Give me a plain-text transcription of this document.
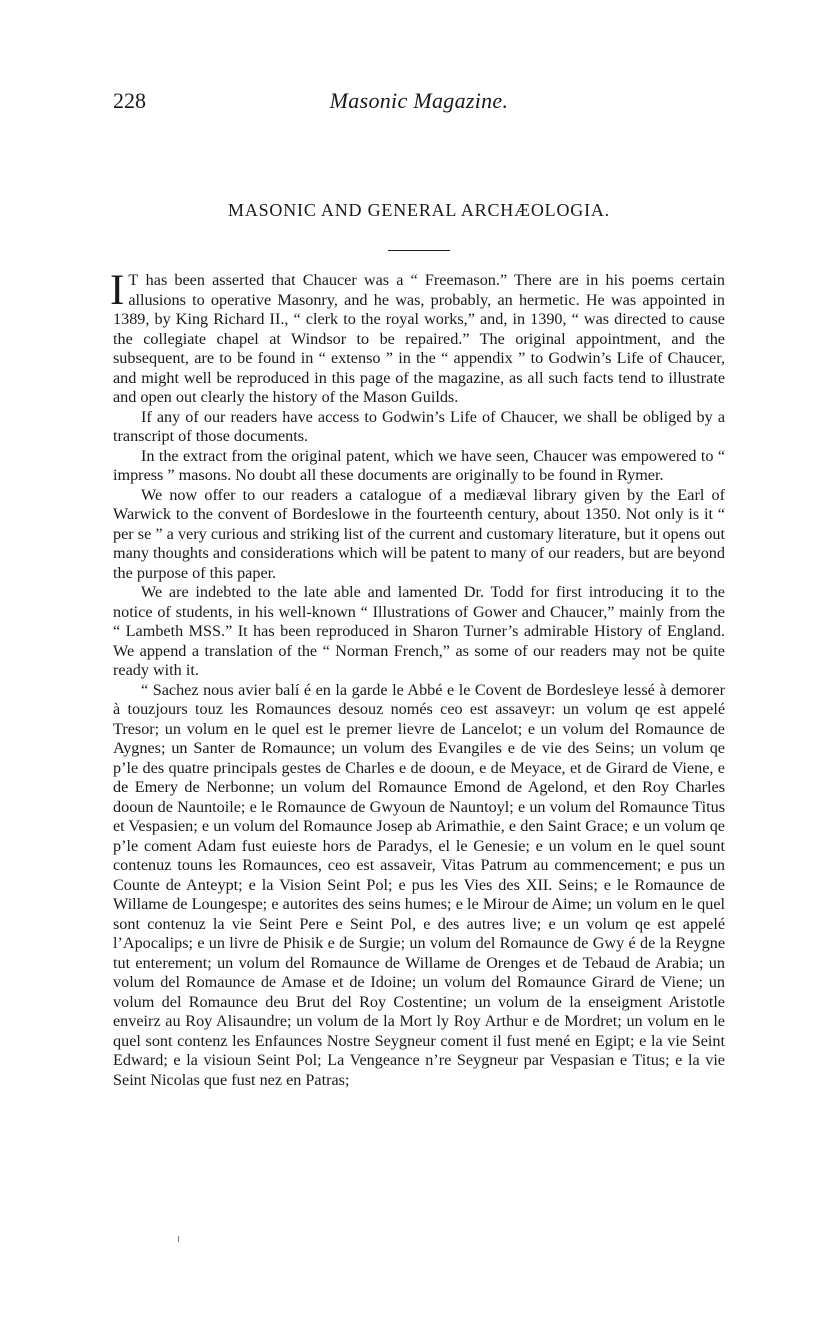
228	Masonic Magazine.
MASONIC AND GENERAL ARCHÆOLOGIA.

I T has been asserted that Chaucer was a “ Freemason.” There are in his poems certain allusions to operative Masonry, and he was, probably, an hermetic. He was appointed in 1389, by King Richard II., “ clerk to the royal works,” and, in 1390, “ was directed to cause the collegiate chapel at Windsor to be repaired.” The original appointment, and the subsequent, are to be found in “ extenso ” in the “ appendix ” to Godwin’s Life of Chaucer, and might well be reproduced in this page of the magazine, as all such facts tend to illustrate and open out clearly the history of the Mason Guilds.

If any of our readers have access to Godwin’s Life of Chaucer, we shall be obliged by a transcript of those documents.

In the extract from the original patent, which we have seen, Chaucer was empowered to “ impress ” masons. No doubt all these documents are originally to be found in Rymer.

We now offer to our readers a catalogue of a mediæval library given by the Earl of Warwick to the convent of Bordeslowe in the fourteenth century, about 1350. Not only is it “ per se ” a very curious and striking list of the current and customary literature, but it opens out many thoughts and considerations which will be patent to many of our readers, but are beyond the purpose of this paper.

We are indebted to the late able and lamented Dr. Todd for first introducing it to the notice of students, in his well-known “ Illustrations of Gower and Chaucer,” mainly from the “ Lambeth MSS.” It has been reproduced in Sharon Turner’s admirable History of England. We append a translation of the “ Norman French,” as some of our readers may not be quite ready with it.

“ Sachez nous avier balí é en la garde le Abbé e le Covent de Bordesleye lessé à demorer à touzjours touz les Romaunces desouz només ceo est assaveyr: un volum qe est appelé Tresor; un volum en le quel est le premer lievre de Lancelot; e un volum del Romaunce de Aygnes; un Santer de Romaunce; un volum des Evangiles e de vie des Seins; un volum qe p’le des quatre principals gestes de Charles e de dooun, e de Meyace, et de Girard de Viene, e de Emery de Nerbonne; un volum del Romaunce Emond de Agelond, et den Roy Charles dooun de Nauntoile; e le Romaunce de Gwyoun de Nauntoyl; e un volum del Romaunce Titus et Vespasien; e un volum del Romaunce Josep ab Arimathie, e den Saint Grace; e un volum qe p’le coment Adam fust euieste hors de Paradys, el le Genesie; e un volum en le quel sount contenuz touns les Romaunces, ceo est assaveir, Vitas Patrum au commencement; e pus un Counte de Anteypt; e la Vision Seint Pol; e pus les Vies des XII. Seins; e le Romaunce de Willame de Loungespe; e autorites des seins humes; e le Mirour de Aime; un volum en le quel sont contenuz la vie Seint Pere e Seint Pol, e des autres live; e un volum qe est appelé l’Apocalips; e un livre de Phisik e de Surgie; un volum del Romaunce de Gwy é de la Reygne tut enterement; un volum del Romaunce de Willame de Orenges et de Tebaud de Arabia; un volum del Romaunce de Amase et de Idoine; un volum del Romaunce Girard de Viene; un volum del Romaunce deu Brut del Roy Costentine; un volum de la enseigment Aristotle enveirz au Roy Alisaundre; un volum de la Mort ly Roy Arthur e de Mordret; un volum en le quel sont contenz les Enfaunces Nostre Seygneur coment il fust mené en Egipt; e la vie Seint Edward; e la visioun Seint Pol; La Vengeance n’re Seygneur par Vespasian e Titus; e la vie Seint Nicolas que fust nez en Patras;
